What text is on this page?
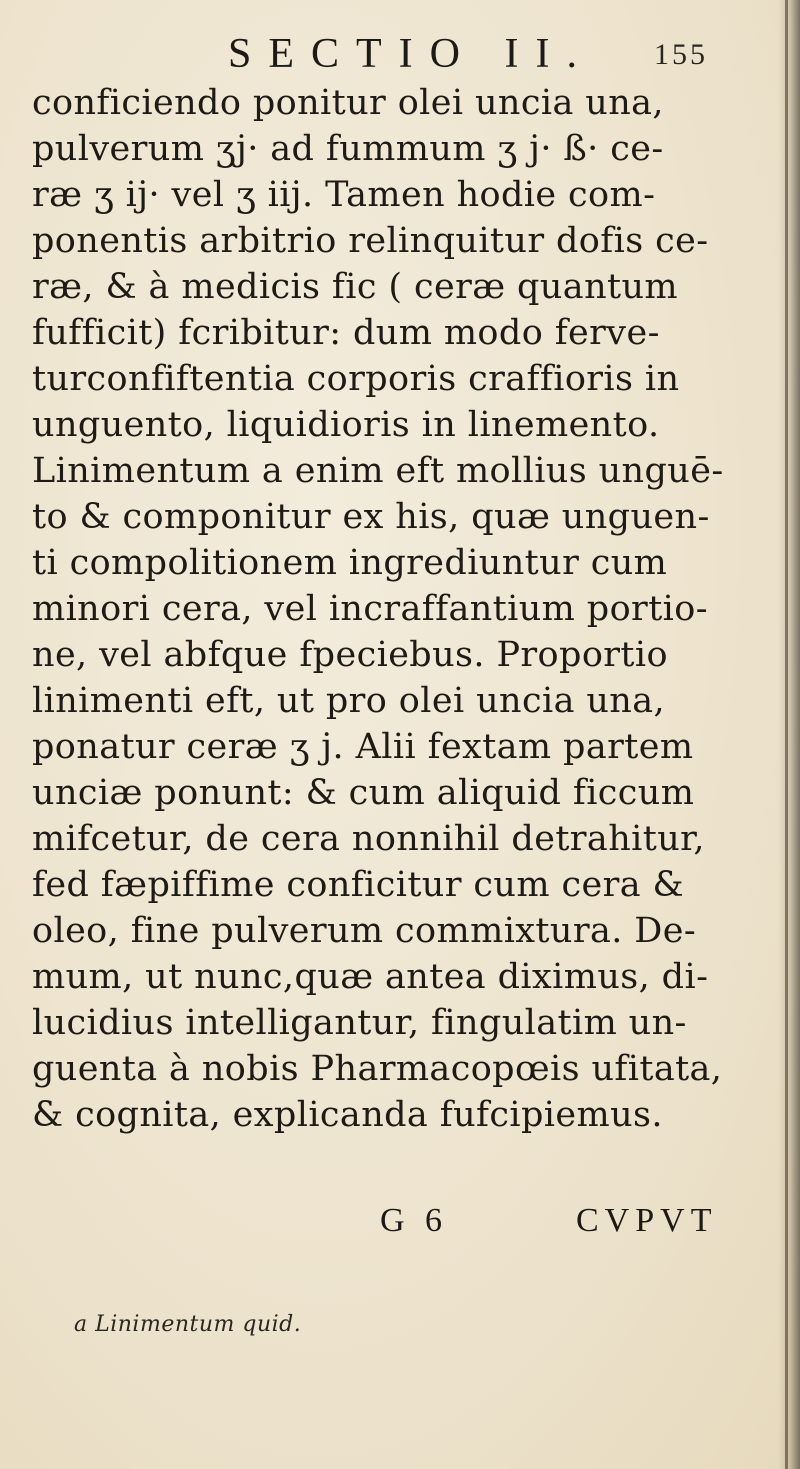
SECTIO II. 155
conficiendo ponitur olei uncia una,
pulverum ʒj· ad fummum ʒ j· ß· ce-
ræ ʒ ij· vel ʒ iij. Tamen hodie com-
ponentis arbitrio relinquitur dofis ce-
ræ, & à medicis fic ( ceræ quantum
fufficit) fcribitur: dum modo ferve-
turconfiftentia corporis craffioris in
unguento, liquidioris in linemento.
Linimentum a enim eft mollius unguē-
to & componitur ex his, quæ unguen-
ti compolitionem ingrediuntur cum
minori cera, vel incraffantium portio-
ne, vel abfque fpeciebus. Proportio
linimenti eft, ut pro olei uncia una,
ponatur ceræ ʒ j. Alii fextam partem
unciæ ponunt: & cum aliquid ficcum
mifcetur, de cera nonnihil detrahitur,
fed fæpiffime conficitur cum cera &
oleo, fine pulverum commixtura. De-
mum, ut nunc,quæ antea diximus, di-
lucidius intelligantur, fingulatim un-
guenta à nobis Pharmacopœis ufitata,
& cognita, explicanda fufcipiemus.
G 6	CVPVT
a Linimentum quid.
